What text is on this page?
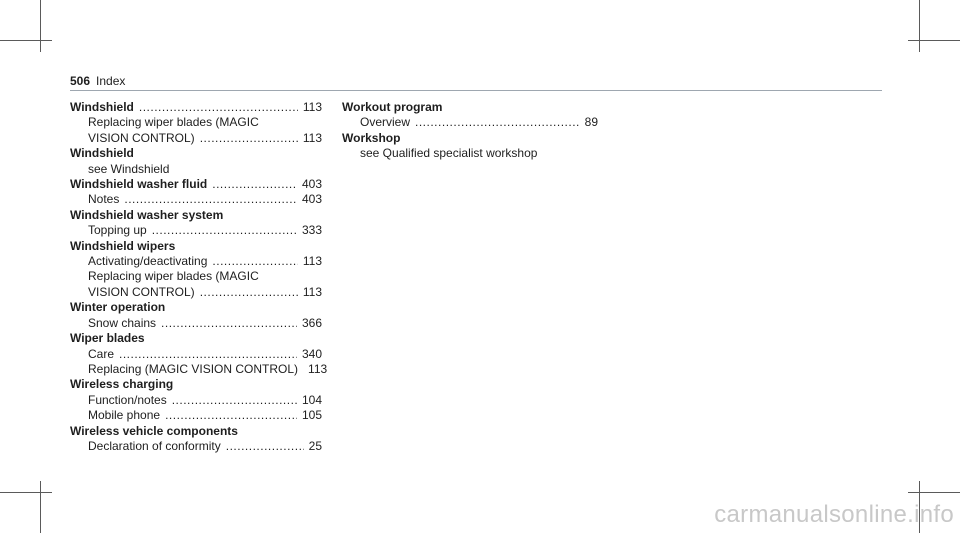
506 Index
Windshield .....	113
Replacing wiper blades (MAGIC
VISION CONTROL) .....	113
Windshield
see Windshield
Windshield washer fluid .....	403
Notes .....	403
Windshield washer system
Topping up .....	333
Windshield wipers
Activating/deactivating .....	113
Replacing wiper blades (MAGIC
VISION CONTROL) .....	113
Winter operation
Snow chains .....	366
Wiper blades
Care .....	340
Replacing (MAGIC VISION CONTROL) 113
Wireless charging
Function/notes .....	104
Mobile phone .....	105
Wireless vehicle components
Declaration of conformity .....	25
Workout program
Overview .....	89
Workshop
see Qualified specialist workshop
carmanualsonline.info
